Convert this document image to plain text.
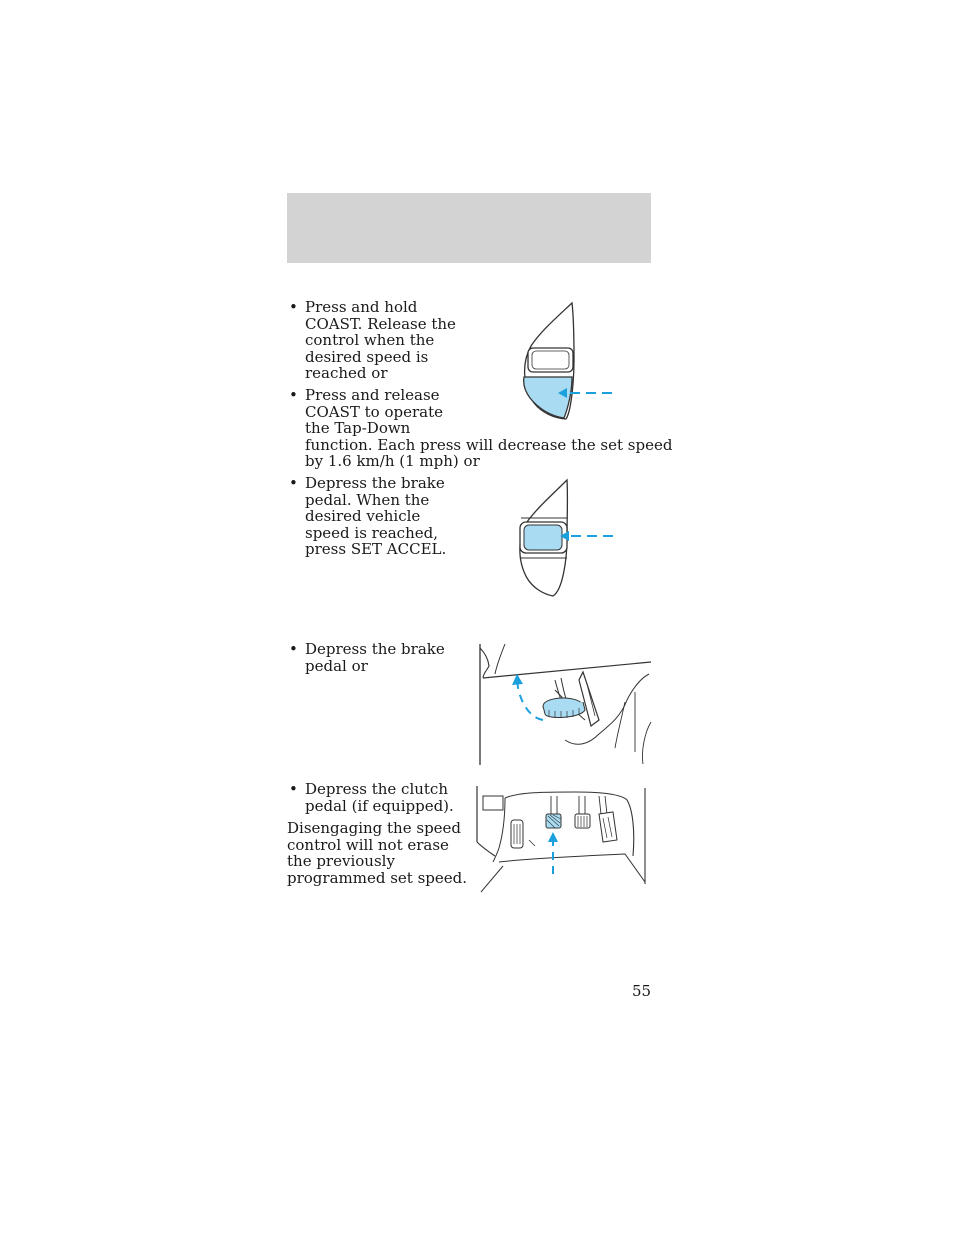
• Press and hold
COAST. Release the
control when the
desired speed is
reached or
• Press and release
COAST to operate
the Tap-Down
function. Each press will decrease the set speed
by 1.6 km/h (1 mph) or
• Depress the brake
pedal. When the
desired vehicle
speed is reached,
press SET ACCEL.
• Depress the brake
pedal or
• Depress the clutch
pedal (if equipped).
Disengaging the speed
control will not erase
the previously
programmed set speed.
55
